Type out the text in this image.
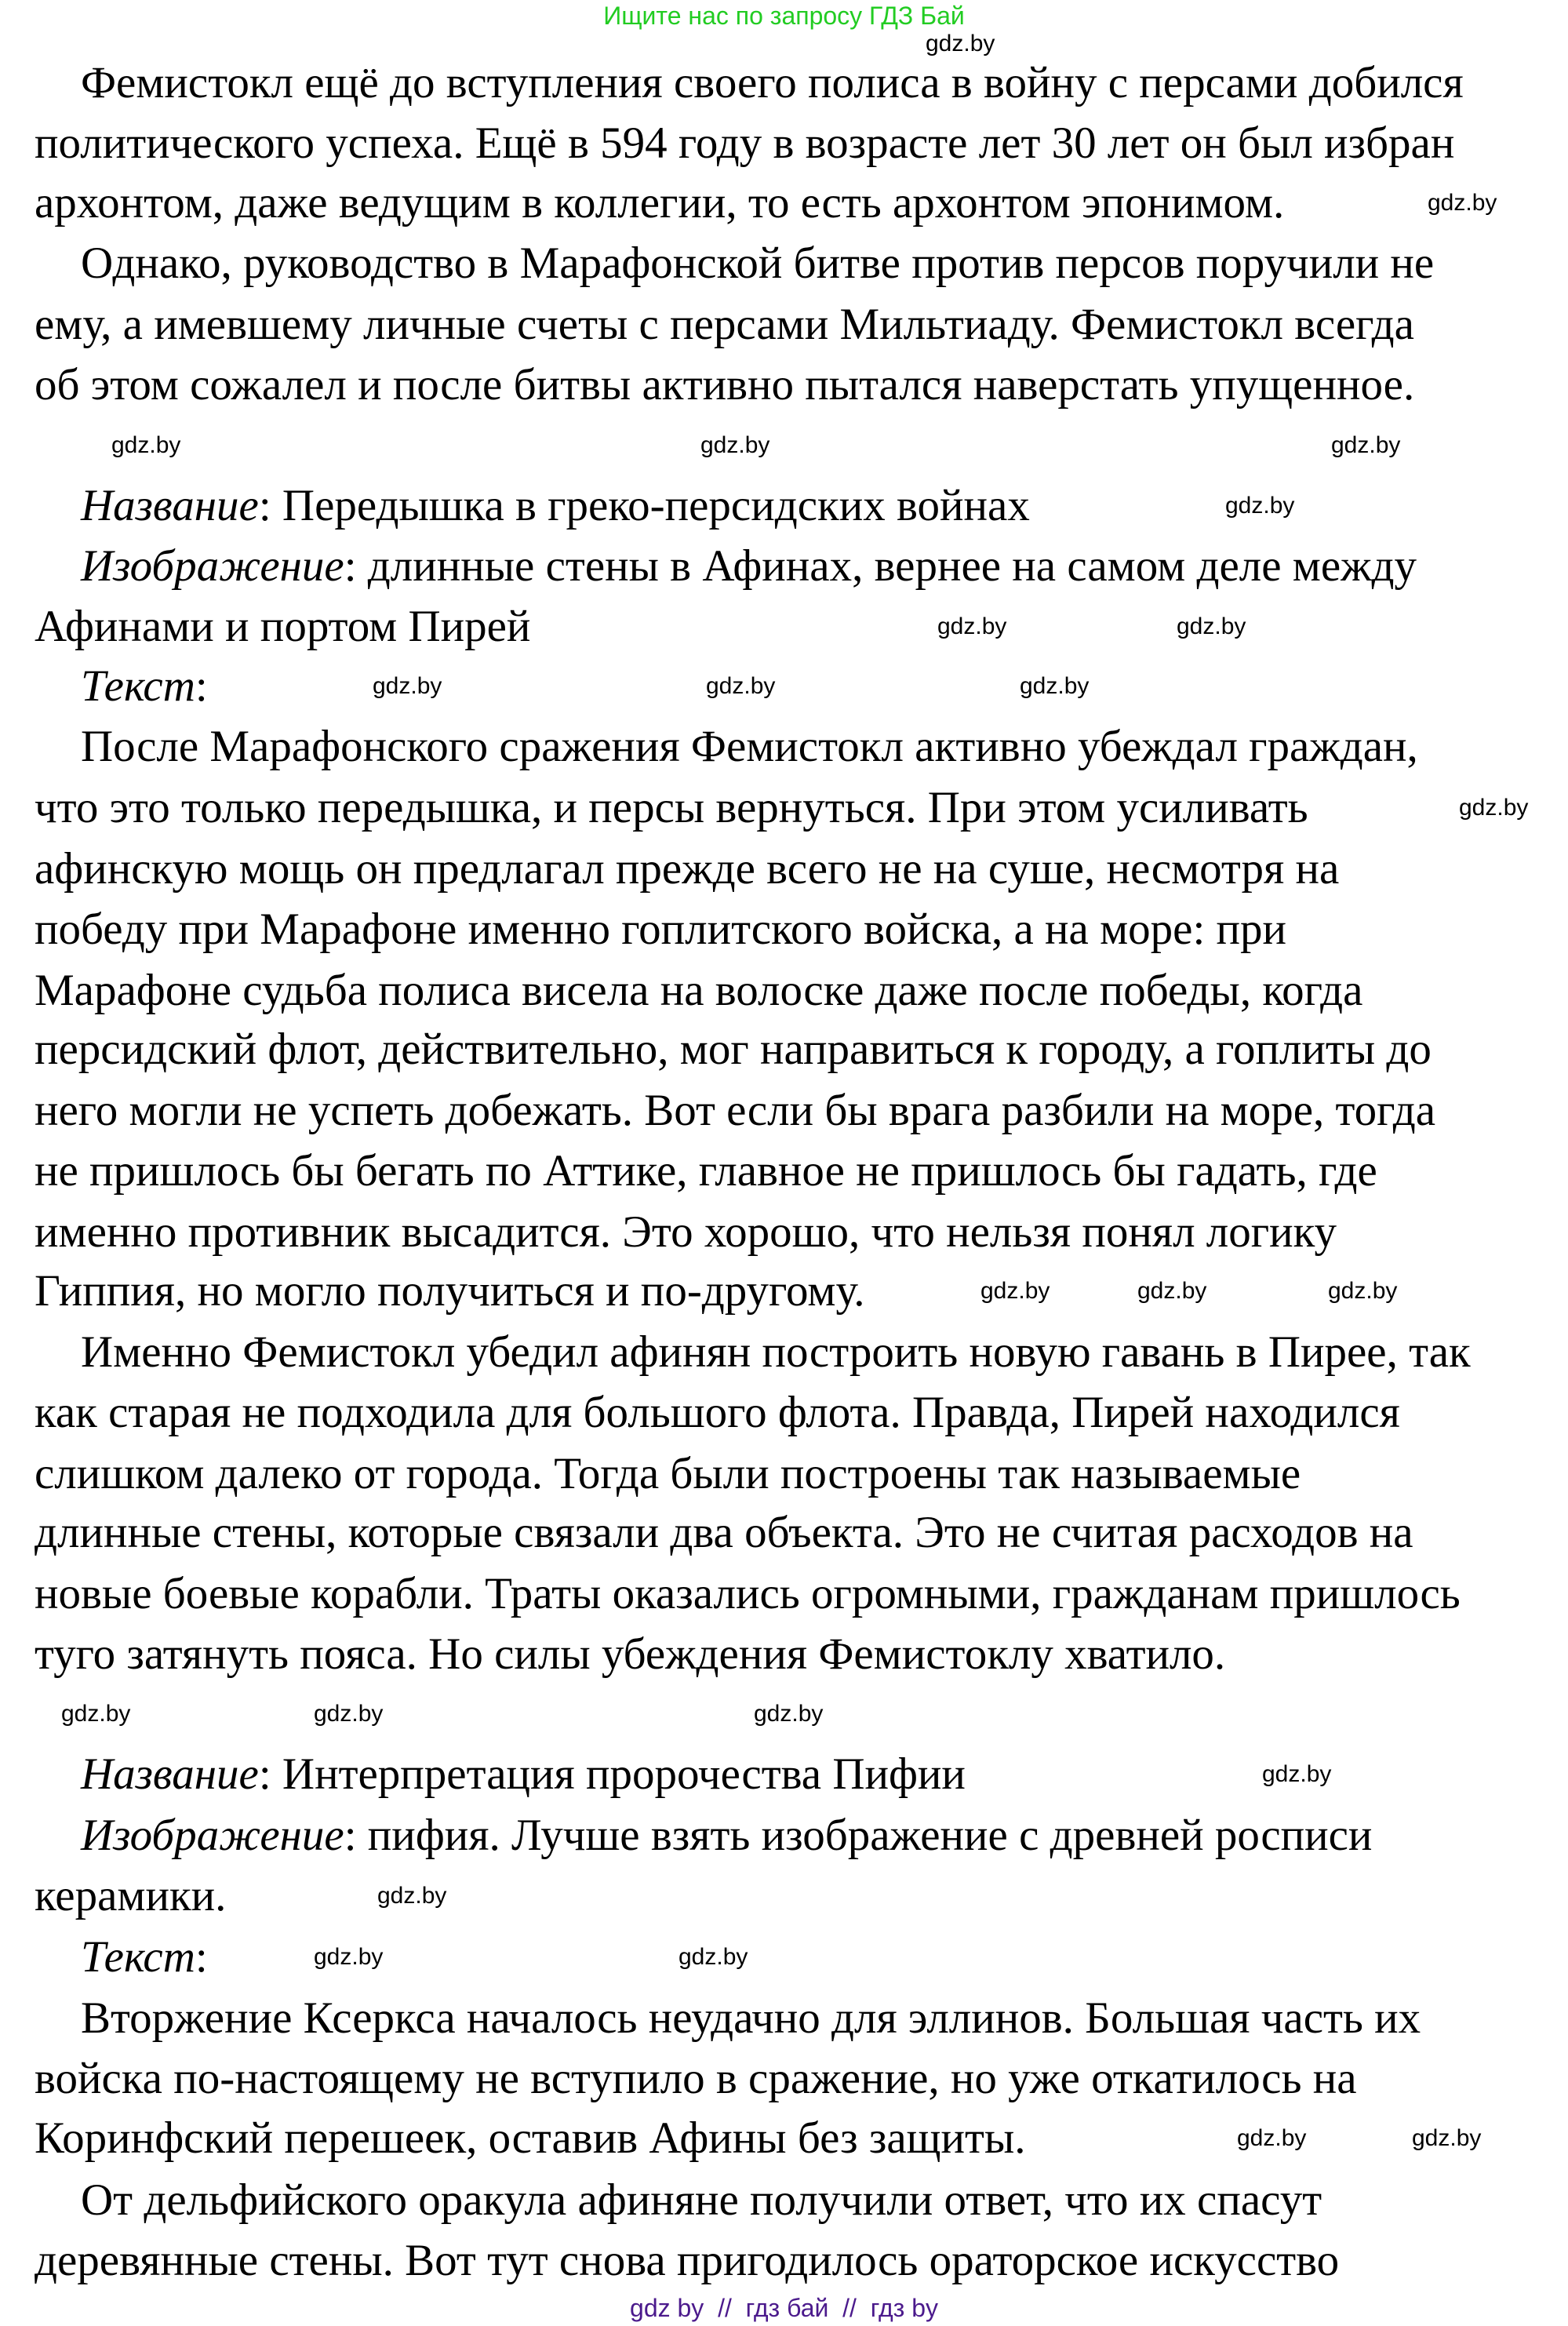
Ищите нас по запросу ГДЗ Бай
Фемистокл ещё до вступления своего полиса в войну с персами добился
политического успеха. Ещё в 594 году в возрасте лет 30 лет он был избран
архонтом, даже ведущим в коллегии, то есть архонтом эпонимом.
Однако, руководство в Марафонской битве против персов поручили не
ему, а имевшему личные счеты с персами Мильтиаду. Фемистокл всегда
об этом сожалел и после битвы активно пытался наверстать упущенное.
Название: Передышка в греко-персидских войнах
Изображение: длинные стены в Афинах, вернее на самом деле между
Афинами и портом Пирей
Текст:
После Марафонского сражения Фемистокл активно убеждал граждан,
что это только передышка, и персы вернуться. При этом усиливать
афинскую мощь он предлагал прежде всего не на суше, несмотря на
победу при Марафоне именно гоплитского войска, а на море: при
Марафоне судьба полиса висела на волоске даже после победы, когда
персидский флот, действительно, мог направиться к городу, а гоплиты до
него могли не успеть добежать. Вот если бы врага разбили на море, тогда
не пришлось бы бегать по Аттике, главное не пришлось бы гадать, где
именно противник высадится. Это хорошо, что нельзя понял логику
Гиппия, но могло получиться и по-другому.
Именно Фемистокл убедил афинян построить новую гавань в Пирее, так
как старая не подходила для большого флота. Правда, Пирей находился
слишком далеко от города. Тогда были построены так называемые
длинные стены, которые связали два объекта. Это не считая расходов на
новые боевые корабли. Траты оказались огромными, гражданам пришлось
туго затянуть пояса. Но силы убеждения Фемистоклу хватило.
Название: Интерпретация пророчества Пифии
Изображение: пифия. Лучше взять изображение с древней росписи
керамики.
Текст:
Вторжение Ксеркса началось неудачно для эллинов. Большая часть их
войска по-настоящему не вступило в сражение, но уже откатилось на
Коринфский перешеек, оставив Афины без защиты.
От дельфийского оракула афиняне получили ответ, что их спасут
деревянные стены. Вот тут снова пригодилось ораторское искусство
gdz.by
gdz.by
gdz.by
gdz.by
gdz.by
gdz.by
gdz.by
gdz.by	gdz.by
gdz.by
gdz.by
gdz.by
gdz.by	gdz.by
gdz.by
gdz.by	gdz.by
gdz.by
gdz.by
gdz.by
gdz.by
gdz.by
gdz.by	gdz.by
gdz by  //  гдз бай  //  гдз by
